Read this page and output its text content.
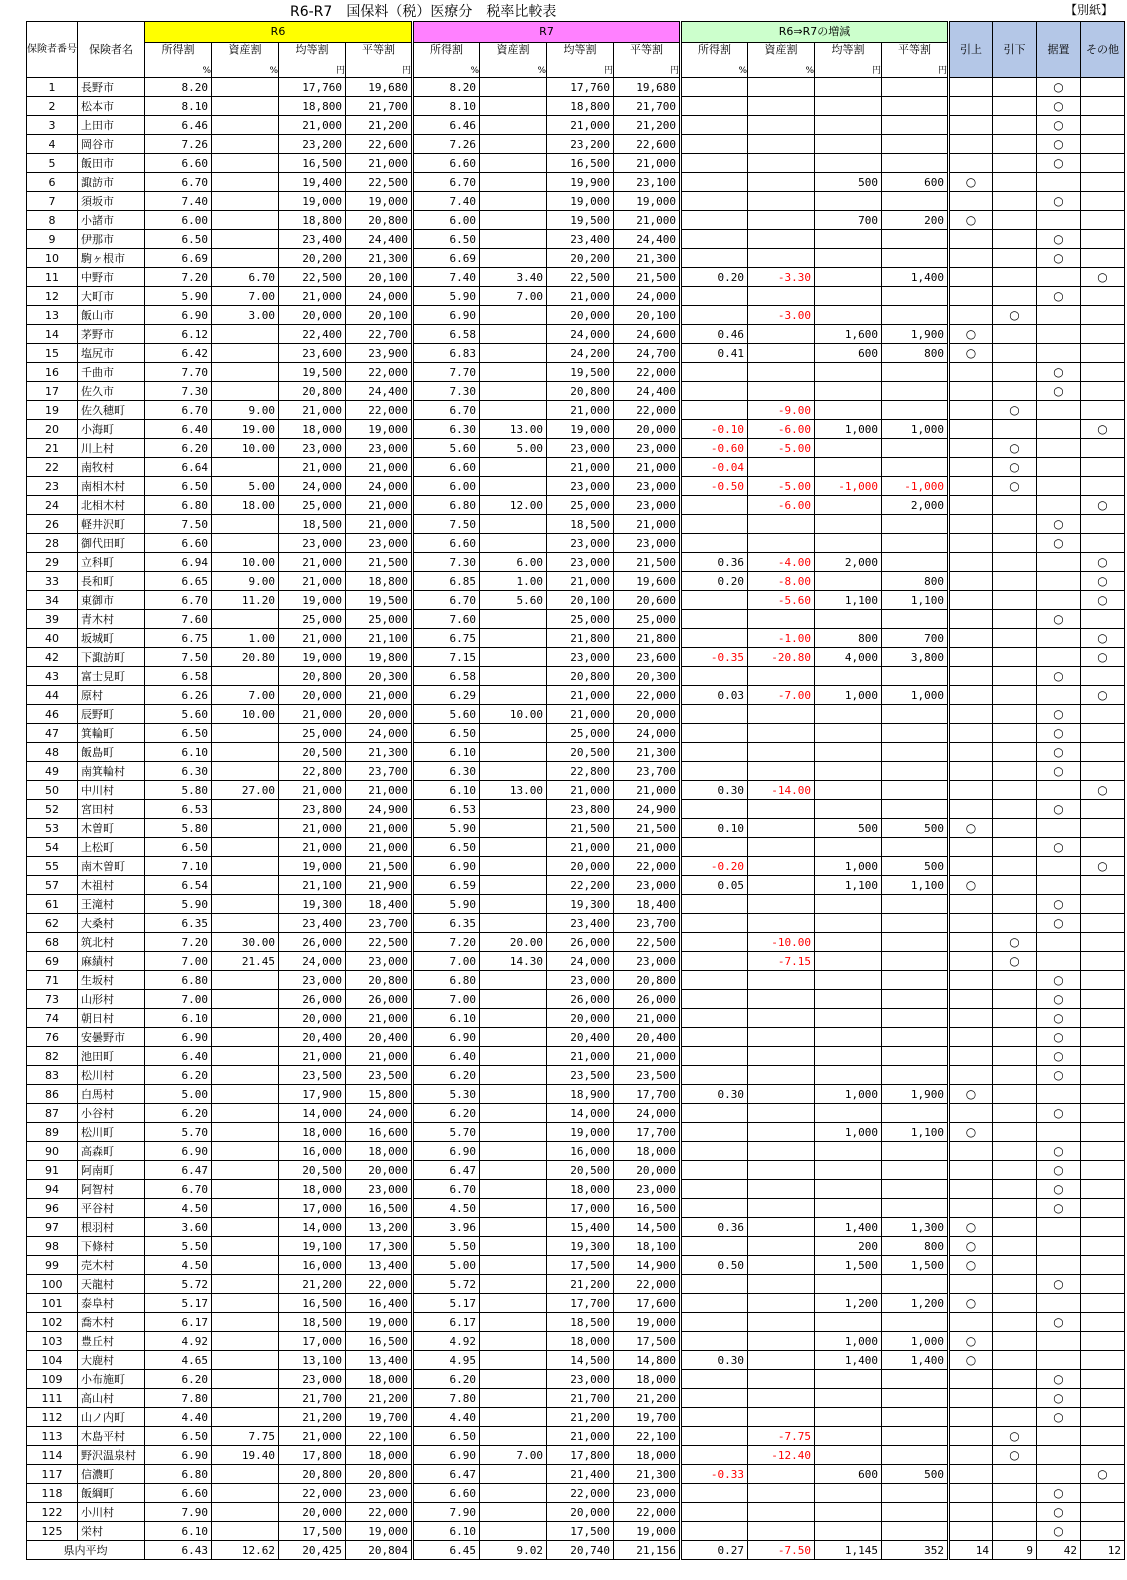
R6-R7　国保料（税）医療分　税率比較表	【別紙】
保険者番号	保険者名	R6				R7				R6⇒R7の増減				引上	引下	据置	その他
		所得割	資産割	均等割	平等割	所得割	資産割	均等割	平等割	所得割	資産割	均等割	平等割				
		%	%	円	円	%	%	円	円	%	%	円	円				
1	長野市	8.20		17,760	19,680	8.20		17,760	19,680							○	
2	松本市	8.10		18,800	21,700	8.10		18,800	21,700							○	
3	上田市	6.46		21,000	21,200	6.46		21,000	21,200							○	
4	岡谷市	7.26		23,200	22,600	7.26		23,200	22,600							○	
5	飯田市	6.60		16,500	21,000	6.60		16,500	21,000							○	
6	諏訪市	6.70		19,400	22,500	6.70		19,900	23,100			500	600	○			
7	須坂市	7.40		19,000	19,000	7.40		19,000	19,000							○	
8	小諸市	6.00		18,800	20,800	6.00		19,500	21,000			700	200	○			
9	伊那市	6.50		23,400	24,400	6.50		23,400	24,400							○	
10	駒ヶ根市	6.69		20,200	21,300	6.69		20,200	21,300							○	
11	中野市	7.20	6.70	22,500	20,100	7.40	3.40	22,500	21,500	0.20	-3.30		1,400				○
12	大町市	5.90	7.00	21,000	24,000	5.90	7.00	21,000	24,000							○	
13	飯山市	6.90	3.00	20,000	20,100	6.90		20,000	20,100		-3.00				○		
14	茅野市	6.12		22,400	22,700	6.58		24,000	24,600	0.46		1,600	1,900	○			
15	塩尻市	6.42		23,600	23,900	6.83		24,200	24,700	0.41		600	800	○			
16	千曲市	7.70		19,500	22,000	7.70		19,500	22,000							○	
17	佐久市	7.30		20,800	24,400	7.30		20,800	24,400							○	
19	佐久穂町	6.70	9.00	21,000	22,000	6.70		21,000	22,000		-9.00				○		
20	小海町	6.40	19.00	18,000	19,000	6.30	13.00	19,000	20,000	-0.10	-6.00	1,000	1,000				○
21	川上村	6.20	10.00	23,000	23,000	5.60	5.00	23,000	23,000	-0.60	-5.00				○		
22	南牧村	6.64		21,000	21,000	6.60		21,000	21,000	-0.04					○		
23	南相木村	6.50	5.00	24,000	24,000	6.00		23,000	23,000	-0.50	-5.00	-1,000	-1,000		○		
24	北相木村	6.80	18.00	25,000	21,000	6.80	12.00	25,000	23,000		-6.00		2,000				○
26	軽井沢町	7.50		18,500	21,000	7.50		18,500	21,000							○	
28	御代田町	6.60		23,000	23,000	6.60		23,000	23,000							○	
29	立科町	6.94	10.00	21,000	21,500	7.30	6.00	23,000	21,500	0.36	-4.00	2,000					○
33	長和町	6.65	9.00	21,000	18,800	6.85	1.00	21,000	19,600	0.20	-8.00		800				○
34	東御市	6.70	11.20	19,000	19,500	6.70	5.60	20,100	20,600		-5.60	1,100	1,100				○
39	青木村	7.60		25,000	25,000	7.60		25,000	25,000							○	
40	坂城町	6.75	1.00	21,000	21,100	6.75		21,800	21,800		-1.00	800	700				○
42	下諏訪町	7.50	20.80	19,000	19,800	7.15		23,000	23,600	-0.35	-20.80	4,000	3,800				○
43	富士見町	6.58		20,800	20,300	6.58		20,800	20,300							○	
44	原村	6.26	7.00	20,000	21,000	6.29		21,000	22,000	0.03	-7.00	1,000	1,000				○
46	辰野町	5.60	10.00	21,000	20,000	5.60	10.00	21,000	20,000							○	
47	箕輪町	6.50		25,000	24,000	6.50		25,000	24,000							○	
48	飯島町	6.10		20,500	21,300	6.10		20,500	21,300							○	
49	南箕輪村	6.30		22,800	23,700	6.30		22,800	23,700							○	
50	中川村	5.80	27.00	21,000	21,000	6.10	13.00	21,000	21,000	0.30	-14.00						○
52	宮田村	6.53		23,800	24,900	6.53		23,800	24,900							○	
53	木曽町	5.80		21,000	21,000	5.90		21,500	21,500	0.10		500	500	○			
54	上松町	6.50		21,000	21,000	6.50		21,000	21,000							○	
55	南木曽町	7.10		19,000	21,500	6.90		20,000	22,000	-0.20		1,000	500				○
57	木祖村	6.54		21,100	21,900	6.59		22,200	23,000	0.05		1,100	1,100	○			
61	王滝村	5.90		19,300	18,400	5.90		19,300	18,400							○	
62	大桑村	6.35		23,400	23,700	6.35		23,400	23,700							○	
68	筑北村	7.20	30.00	26,000	22,500	7.20	20.00	26,000	22,500		-10.00				○		
69	麻績村	7.00	21.45	24,000	23,000	7.00	14.30	24,000	23,000		-7.15				○		
71	生坂村	6.80		23,000	20,800	6.80		23,000	20,800							○	
73	山形村	7.00		26,000	26,000	7.00		26,000	26,000							○	
74	朝日村	6.10		20,000	21,000	6.10		20,000	21,000							○	
76	安曇野市	6.90		20,400	20,400	6.90		20,400	20,400							○	
82	池田町	6.40		21,000	21,000	6.40		21,000	21,000							○	
83	松川村	6.20		23,500	23,500	6.20		23,500	23,500							○	
86	白馬村	5.00		17,900	15,800	5.30		18,900	17,700	0.30		1,000	1,900	○			
87	小谷村	6.20		14,000	24,000	6.20		14,000	24,000							○	
89	松川町	5.70		18,000	16,600	5.70		19,000	17,700			1,000	1,100	○			
90	高森町	6.90		16,000	18,000	6.90		16,000	18,000							○	
91	阿南町	6.47		20,500	20,000	6.47		20,500	20,000							○	
94	阿智村	6.70		18,000	23,000	6.70		18,000	23,000							○	
96	平谷村	4.50		17,000	16,500	4.50		17,000	16,500							○	
97	根羽村	3.60		14,000	13,200	3.96		15,400	14,500	0.36		1,400	1,300	○			
98	下條村	5.50		19,100	17,300	5.50		19,300	18,100			200	800	○			
99	売木村	4.50		16,000	13,400	5.00		17,500	14,900	0.50		1,500	1,500	○			
100	天龍村	5.72		21,200	22,000	5.72		21,200	22,000							○	
101	泰阜村	5.17		16,500	16,400	5.17		17,700	17,600			1,200	1,200	○			
102	喬木村	6.17		18,500	19,000	6.17		18,500	19,000							○	
103	豊丘村	4.92		17,000	16,500	4.92		18,000	17,500			1,000	1,000	○			
104	大鹿村	4.65		13,100	13,400	4.95		14,500	14,800	0.30		1,400	1,400	○			
109	小布施町	6.20		23,000	18,000	6.20		23,000	18,000							○	
111	高山村	7.80		21,700	21,200	7.80		21,700	21,200							○	
112	山ノ内町	4.40		21,200	19,700	4.40		21,200	19,700							○	
113	木島平村	6.50	7.75	21,000	22,100	6.50		21,000	22,100		-7.75				○		
114	野沢温泉村	6.90	19.40	17,800	18,000	6.90	7.00	17,800	18,000		-12.40				○		
117	信濃町	6.80		20,800	20,800	6.47		21,400	21,300	-0.33		600	500				○
118	飯綱町	6.60		22,000	23,000	6.60		22,000	23,000							○	
122	小川村	7.90		20,000	22,000	7.90		20,000	22,000							○	
125	栄村	6.10		17,500	19,000	6.10		17,500	19,000							○	
県内平均		6.43	12.62	20,425	20,804	6.45	9.02	20,740	21,156	0.27	-7.50	1,145	352	14	9	42	12
